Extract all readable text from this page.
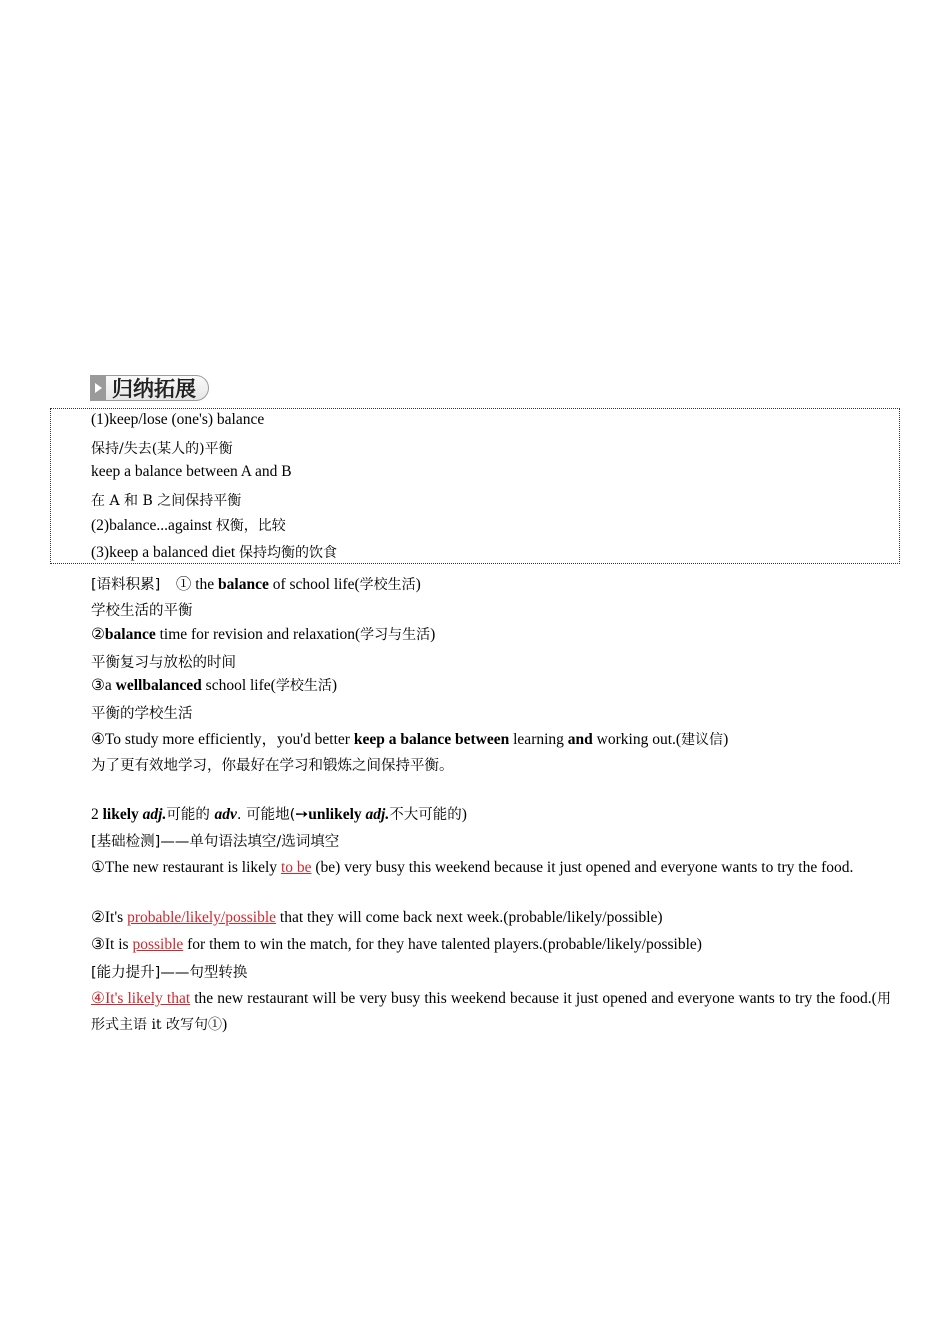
归纳拓展
(1)keep/lose (one's) balance
保持/失去(某人的)平衡
keep a balance between A and B
在 A 和 B 之间保持平衡
(2)balance...against 权衡，比较
(3)keep a balanced diet 保持均衡的饮食
[语料积累]　① the balance of school life(学校生活)
学校生活的平衡
②balance time for revision and relaxation(学习与生活)
平衡复习与放松的时间
③a wellbalanced school life(学校生活)
平衡的学校生活
④To study more efficiently，you'd better keep a balance between learning and working out.(建议信)
为了更有效地学习，你最好在学习和锻炼之间保持平衡。
2 likely adj.可能的 adv. 可能地(➙unlikely adj.不大可能的)
[基础检测]——单句语法填空/选词填空
①The new restaurant is likely to be (be) very busy this weekend because it just opened and everyone wants to try the food.
②It's probable/likely/possible that they will come back next week.(probable/likely/possible)
③It is possible for them to win the match, for they have talented players.(probable/likely/possible)
[能力提升]——句型转换
④It's likely that the new restaurant will be very busy this weekend because it just opened and everyone wants to try the food.(用形式主语 it 改写句①)
